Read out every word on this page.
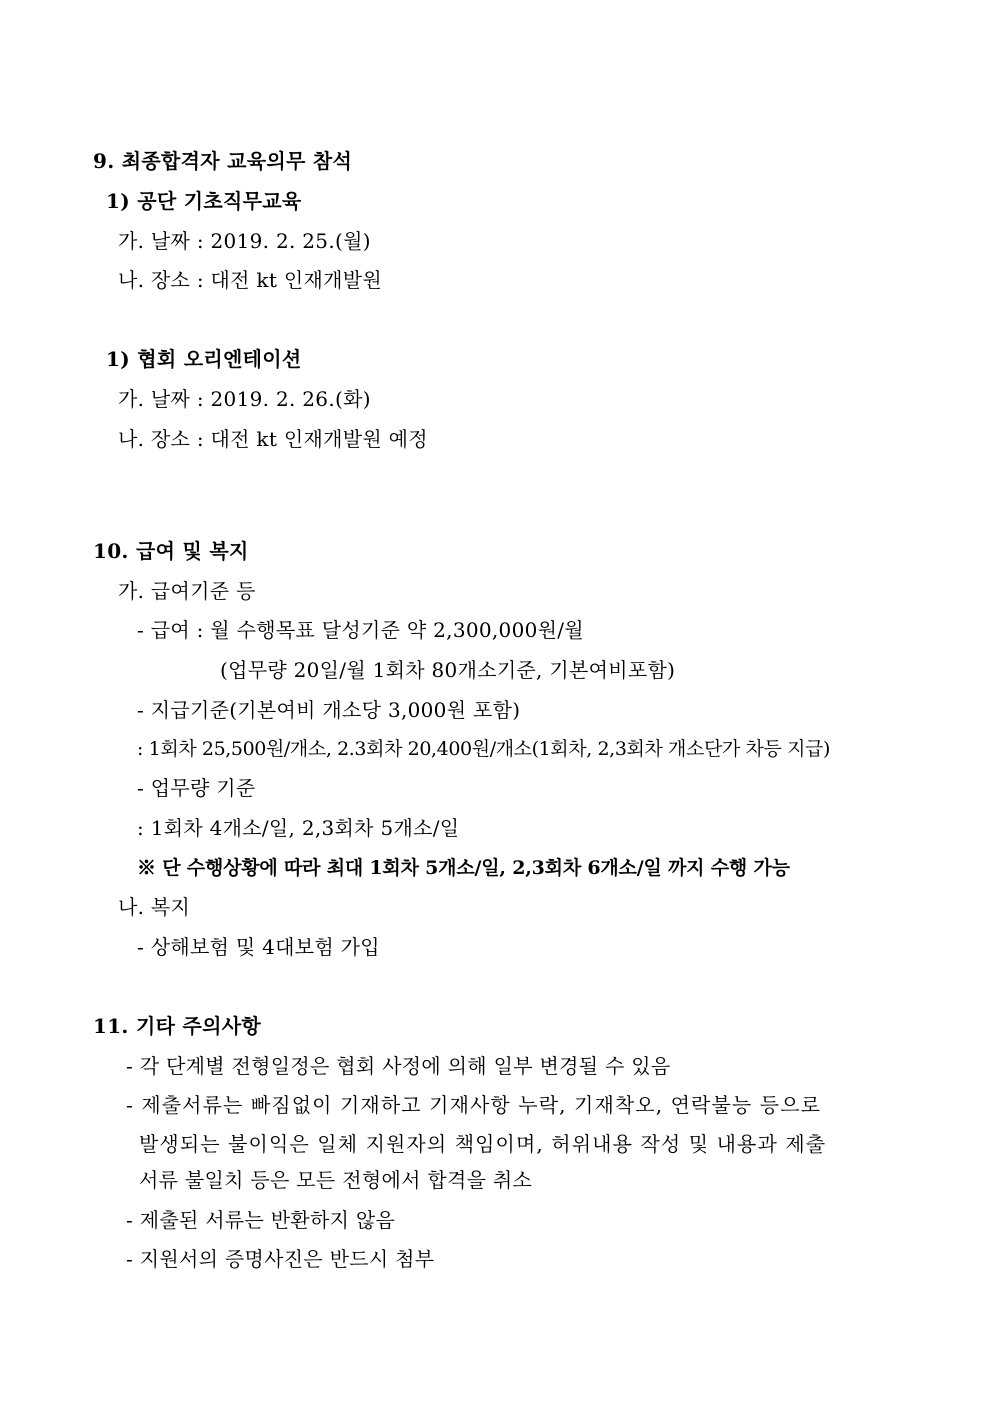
9. 최종합격자 교육의무 참석
1) 공단 기초직무교육
가. 날짜 : 2019. 2. 25.(월)
나. 장소 : 대전 kt 인재개발원
1) 협회 오리엔테이션
가. 날짜 : 2019. 2. 26.(화)
나. 장소 : 대전 kt 인재개발원 예정
10. 급여 및 복지
가. 급여기준 등
- 급여 : 월 수행목표 달성기준 약 2,300,000원/월
(업무량 20일/월 1회차 80개소기준, 기본여비포함)
- 지급기준(기본여비 개소당 3,000원 포함)
: 1회차 25,500원/개소, 2.3회차 20,400원/개소(1회차, 2,3회차 개소단가 차등 지급)
- 업무량 기준
: 1회차 4개소/일, 2,3회차 5개소/일
※ 단 수행상황에 따라 최대 1회차 5개소/일, 2,3회차 6개소/일 까지 수행 가능
나. 복지
- 상해보험 및 4대보험 가입
11. 기타 주의사항
- 각 단계별 전형일정은 협회 사정에 의해 일부 변경될 수 있음
- 제출서류는 빠짐없이 기재하고 기재사항 누락, 기재착오, 연락불능 등으로
발생되는 불이익은 일체 지원자의 책임이며, 허위내용 작성 및 내용과 제출
서류 불일치 등은 모든 전형에서 합격을 취소
- 제출된 서류는 반환하지 않음
- 지원서의 증명사진은 반드시 첨부
